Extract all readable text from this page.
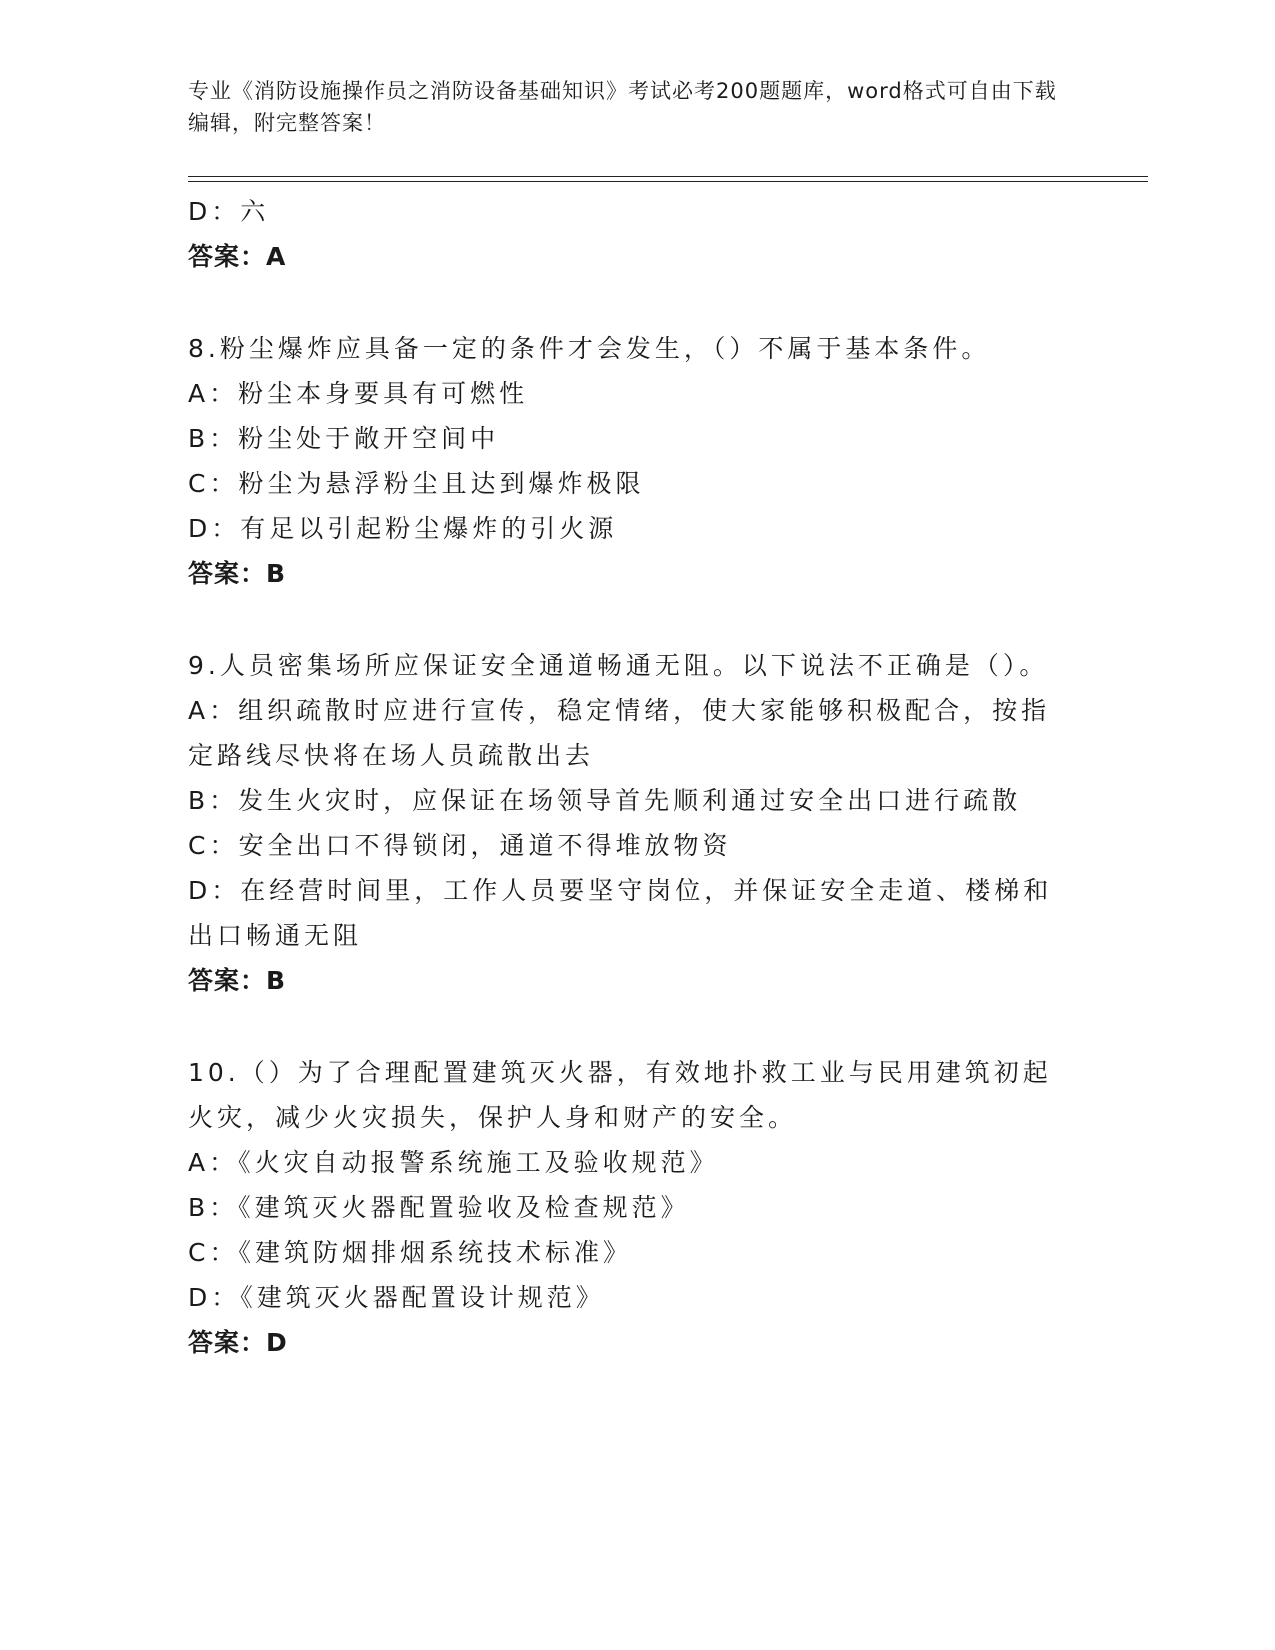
专业《消防设施操作员之消防设备基础知识》考试必考200题题库，word格式可自由下载编辑，附完整答案！
D：六
答案：A
8.粉尘爆炸应具备一定的条件才会发生，（）不属于基本条件。
A：粉尘本身要具有可燃性
B：粉尘处于敞开空间中
C：粉尘为悬浮粉尘且达到爆炸极限
D：有足以引起粉尘爆炸的引火源
答案：B
9.人员密集场所应保证安全通道畅通无阻。以下说法不正确是（）。
A：组织疏散时应进行宣传，稳定情绪，使大家能够积极配合，按指定路线尽快将在场人员疏散出去
B：发生火灾时，应保证在场领导首先顺利通过安全出口进行疏散
C：安全出口不得锁闭，通道不得堆放物资
D：在经营时间里，工作人员要坚守岗位，并保证安全走道、楼梯和出口畅通无阻
答案：B
10.（）为了合理配置建筑灭火器，有效地扑救工业与民用建筑初起火灾，减少火灾损失，保护人身和财产的安全。
A：《火灾自动报警系统施工及验收规范》
B：《建筑灭火器配置验收及检查规范》
C：《建筑防烟排烟系统技术标准》
D：《建筑灭火器配置设计规范》
答案：D
